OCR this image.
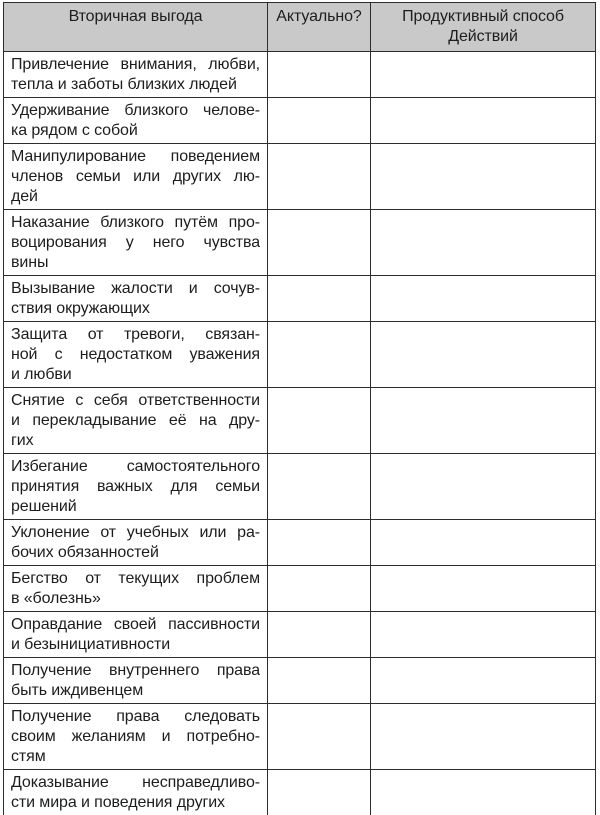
Вторичная выгода	Актуально?	Продуктивный способ Действий

Привлечение внимания, любви,
тепла и заботы близких людей		

Удерживание близкого челове-
ка рядом с собой		

Манипулирование поведением
членов семьи или других лю-
дей		

Наказание близкого путём про-
воцирования у него чувства
вины		

Вызывание жалости и сочув-
ствия окружающих		

Защита от тревоги, связан-
ной с недостатком уважения
и любви		

Снятие с себя ответственности
и перекладывание её на дру-
гих		

Избегание самостоятельного
принятия важных для семьи
решений		

Уклонение от учебных или ра-
бочих обязанностей		

Бегство от текущих проблем
в «болезнь»		

Оправдание своей пассивности
и безынициативности		

Получение внутреннего права
быть иждивенцем		

Получение права следовать
своим желаниям и потребно-
стям		

Доказывание несправедливо-
сти мира и поведения других		
